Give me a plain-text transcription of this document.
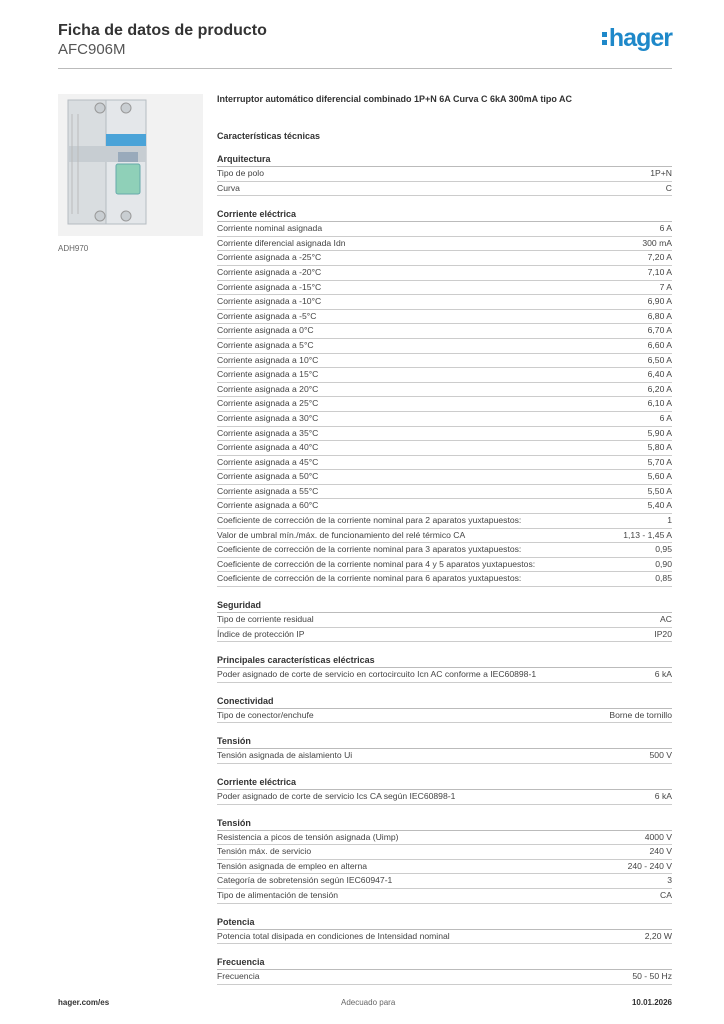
Ficha de datos de producto
AFC906M	hager
ADH970
Interruptor automático diferencial combinado 1P+N 6A Curva C 6kA 300mA tipo AC
Características técnicas
Arquitectura
Tipo de polo	1P+N
Curva	C
Corriente eléctrica
Corriente nominal asignada	6 A
Corriente diferencial asignada Idn	300 mA
Corriente asignada a -25°C	7,20 A
Corriente asignada a -20°C	7,10 A
Corriente asignada a -15°C	7 A
Corriente asignada a -10°C	6,90 A
Corriente asignada a -5°C	6,80 A
Corriente asignada a 0°C	6,70 A
Corriente asignada a 5°C	6,60 A
Corriente asignada a 10°C	6,50 A
Corriente asignada a 15°C	6,40 A
Corriente asignada a 20°C	6,20 A
Corriente asignada a 25°C	6,10 A
Corriente asignada a 30°C	6 A
Corriente asignada a 35°C	5,90 A
Corriente asignada a 40°C	5,80 A
Corriente asignada a 45°C	5,70 A
Corriente asignada a 50°C	5,60 A
Corriente asignada a 55°C	5,50 A
Corriente asignada a 60°C	5,40 A
Coeficiente de corrección de la corriente nominal para 2 aparatos yuxtapuestos:	1
Valor de umbral mín./máx. de funcionamiento del relé térmico CA	1,13 - 1,45 A
Coeficiente de corrección de la corriente nominal para 3 aparatos yuxtapuestos:	0,95
Coeficiente de corrección de la corriente nominal para 4 y 5 aparatos yuxtapuestos:	0,90
Coeficiente de corrección de la corriente nominal para 6 aparatos yuxtapuestos:	0,85
Seguridad
Tipo de corriente residual	AC
Índice de protección IP	IP20
Principales características eléctricas
Poder asignado de corte de servicio en cortocircuito Icn AC conforme a IEC60898-1	6 kA
Conectividad
Tipo de conector/enchufe	Borne de tornillo
Tensión
Tensión asignada de aislamiento Ui	500 V
Corriente eléctrica
Poder asignado de corte de servicio Ics CA según IEC60898-1	6 kA
Tensión
Resistencia a picos de tensión asignada (Uimp)	4000 V
Tensión máx. de servicio	240 V
Tensión asignada de empleo en alterna	240 - 240 V
Categoría de sobretensión según IEC60947-1	3
Tipo de alimentación de tensión	CA
Potencia
Potencia total disipada en condiciones de Intensidad nominal	2,20 W
Frecuencia
Frecuencia	50 - 50 Hz
hager.com/es	Adecuado para	10.01.2026
